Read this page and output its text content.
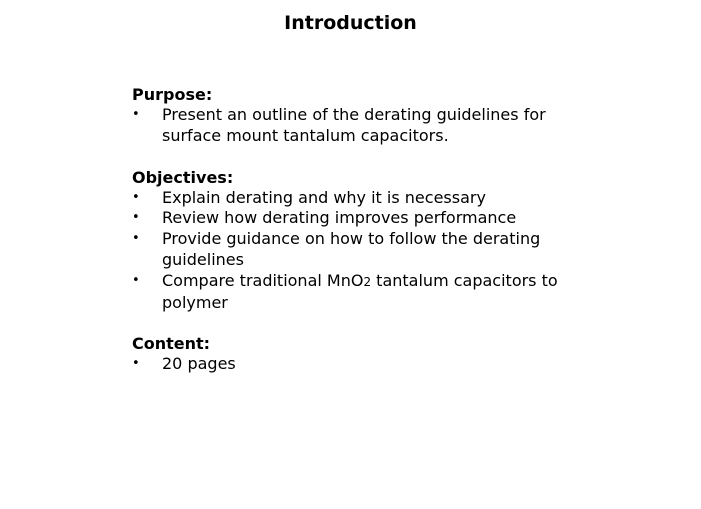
Introduction
Purpose:
• Present an outline of the derating guidelines for surface mount tantalum capacitors.
Objectives:
• Explain derating and why it is necessary
• Review how derating improves performance
• Provide guidance on how to follow the derating guidelines
• Compare traditional MnO2 tantalum capacitors to polymer
Content:
• 20 pages
